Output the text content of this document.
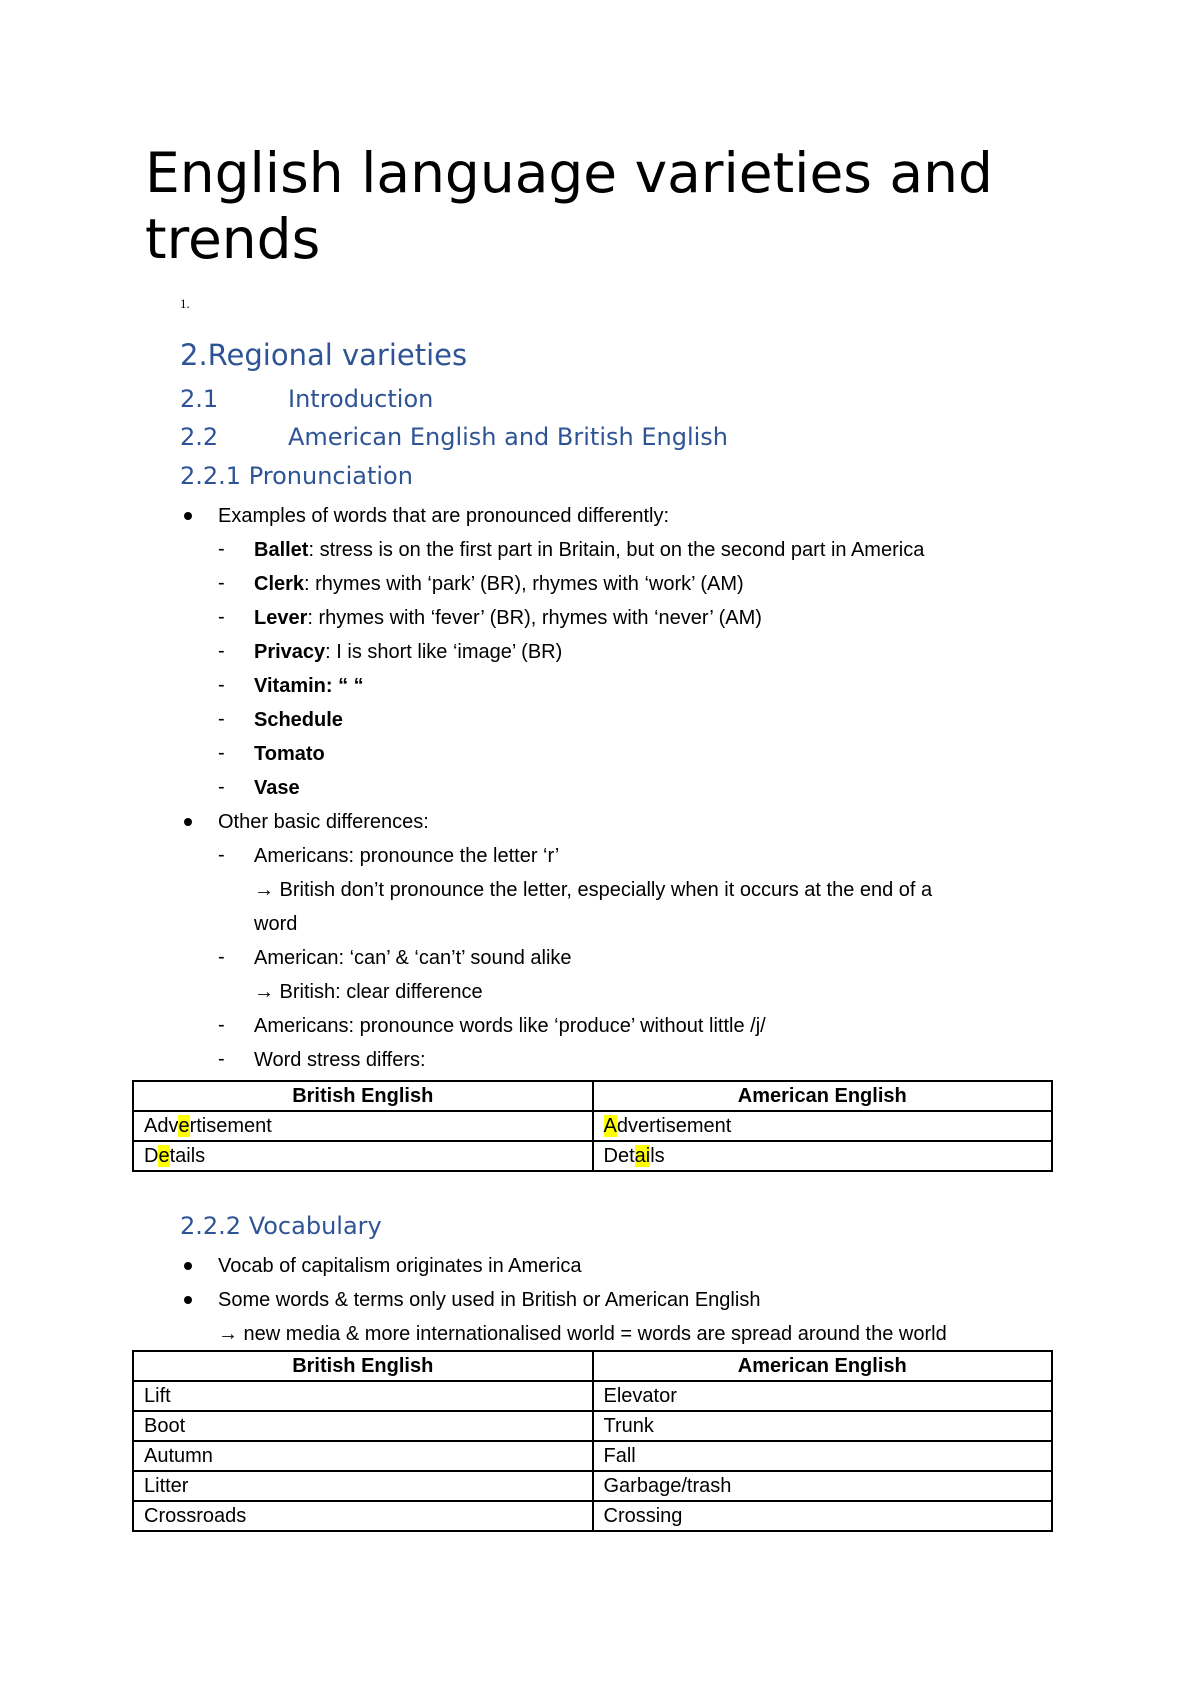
English language varieties and trends
1.
2.Regional varieties
2.1	Introduction
2.2	American English and British English
2.2.1 Pronunciation
Examples of words that are pronounced differently:
- Ballet: stress is on the first part in Britain, but on the second part in America
- Clerk: rhymes with ‘park’ (BR), rhymes with ‘work’ (AM)
- Lever: rhymes with ‘fever’ (BR), rhymes with ‘never’ (AM)
- Privacy: I is short like ‘image’ (BR)
- Vitamin: “ “
- Schedule
- Tomato
- Vase
Other basic differences:
- Americans: pronounce the letter ‘r’
→ British don’t pronounce the letter, especially when it occurs at the end of a
word
- American: ‘can’ & ‘can’t’ sound alike
→ British: clear difference
- Americans: pronounce words like ‘produce’ without little /j/
- Word stress differs:
British English	American English
Advertisement	Advertisement
Details	Details
2.2.2 Vocabulary
Vocab of capitalism originates in America
Some words & terms only used in British or American English
→ new media & more internationalised world = words are spread around the world
British English	American English
Lift	Elevator
Boot	Trunk
Autumn	Fall
Litter	Garbage/trash
Crossroads	Crossing
